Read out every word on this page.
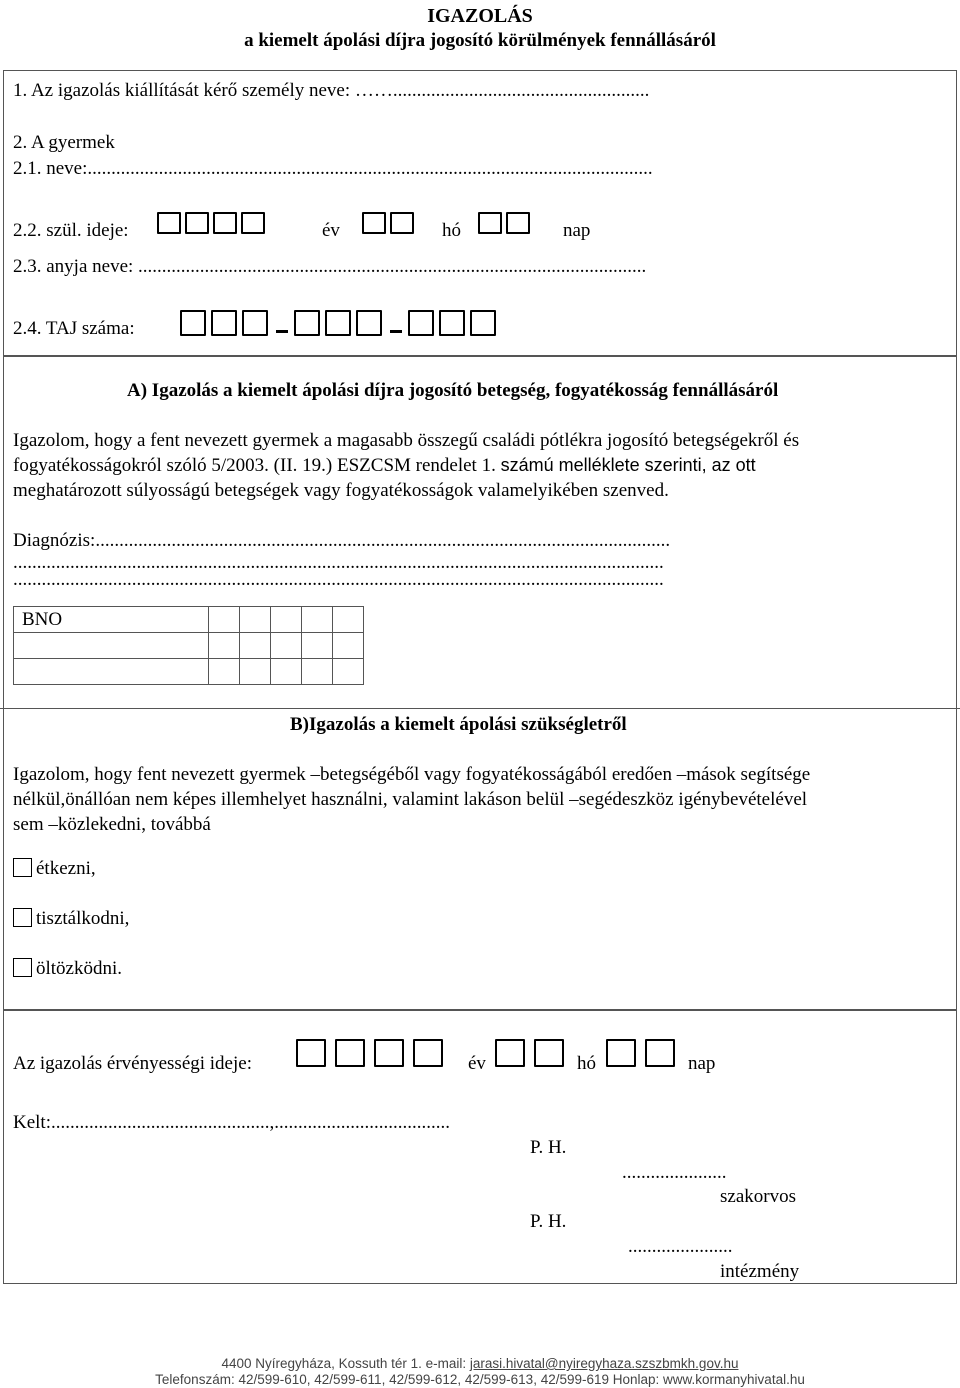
IGAZOLÁS
a kiemelt ápolási díjra jogosító körülmények fennállásáról
1. Az igazolás kiállítását kérő személy neve: ……......................................................
2. A gyermek
2.1. neve:.......................................................................................................................
2.2. szül. ideje:	év	hó	nap
2.3. anyja neve: ...........................................................................................................
2.4. TAJ száma:
A) Igazolás a kiemelt ápolási díjra jogosító betegség, fogyatékosság fennállásáról
Igazolom, hogy a fent nevezett gyermek a magasabb összegű családi pótlékra jogosító betegségekről és
fogyatékosságokról szóló 5/2003. (II. 19.) ESZCSM rendelet 1. számú melléklete szerinti, az ott
meghatározott súlyosságú betegségek vagy fogyatékosságok valamelyikében szenved.
Diagnózis:.........................................................................................................................
.........................................................................................................................................
.........................................................................................................................................
BNO					

B)Igazolás a kiemelt ápolási szükségletről
Igazolom, hogy fent nevezett gyermek –betegségéből vagy fogyatékosságából eredően –mások segítsége
nélkül,önállóan nem képes illemhelyet használni, valamint lakáson belül –segédeszköz igénybevételével
sem –közlekedni, továbbá
étkezni,
tisztálkodni,
öltözködni.
Az igazolás érvényességi ideje:	év	hó	nap
Kelt:..............................................,.....................................
P. H.
......................
szakorvos
P. H.
......................
intézmény
4400 Nyíregyháza, Kossuth tér 1. e-mail: jarasi.hivatal@nyiregyhaza.szszbmkh.gov.hu
Telefonszám: 42/599-610, 42/599-611, 42/599-612, 42/599-613, 42/599-619 Honlap: www.kormanyhivatal.hu
